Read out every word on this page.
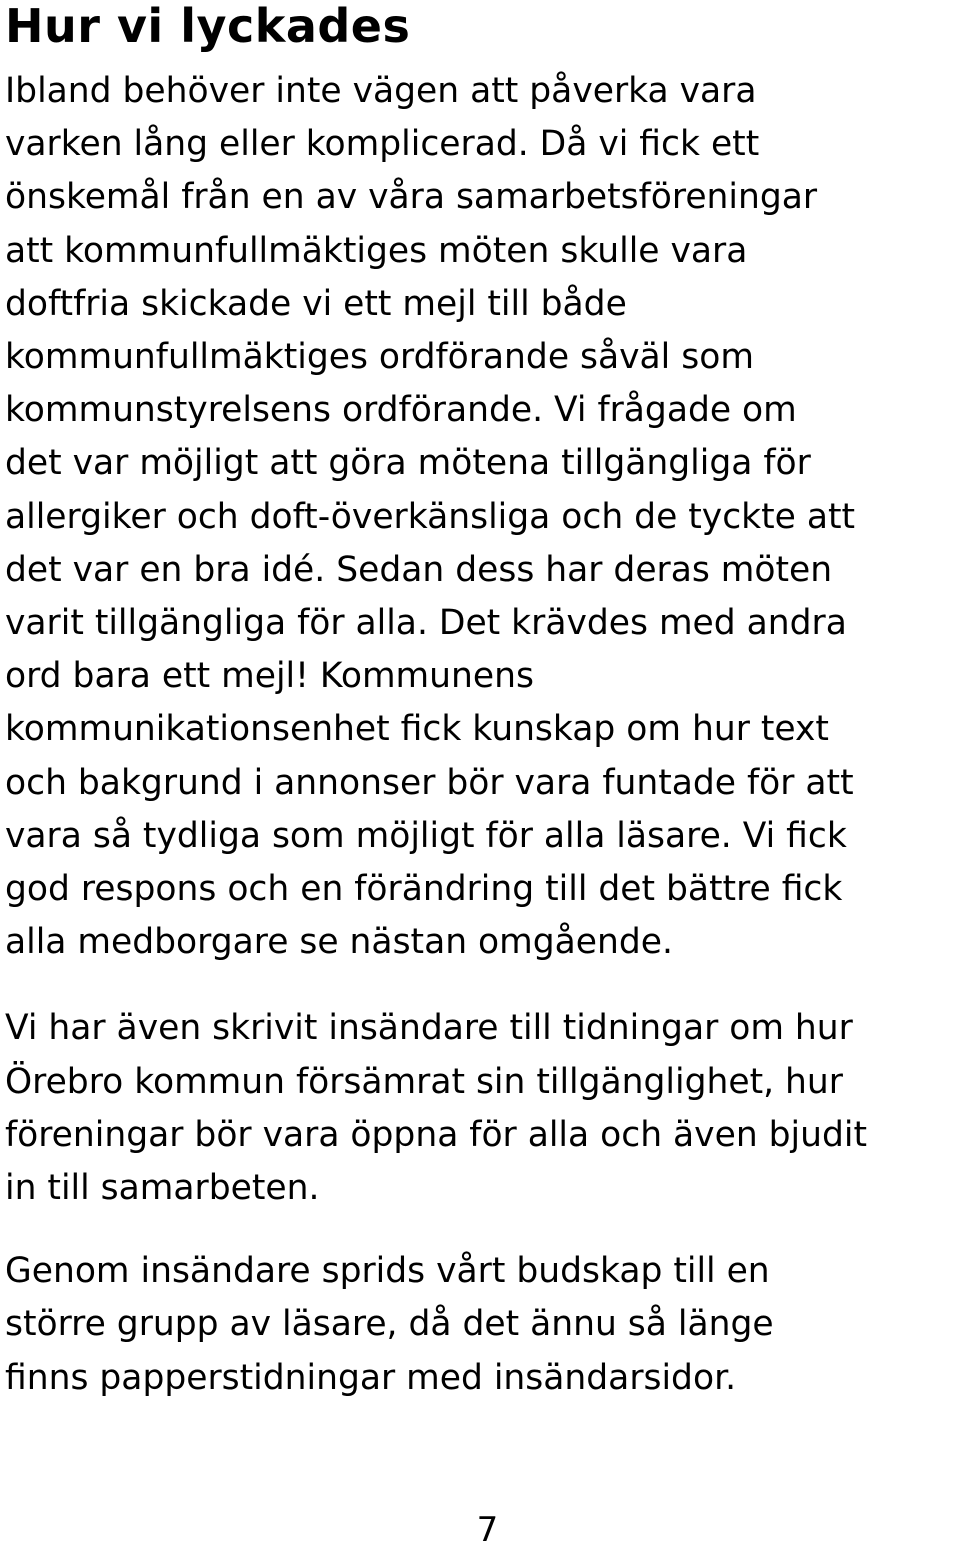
Hur vi lyckades

Ibland behöver inte vägen att påverka vara
varken lång eller komplicerad. Då vi fick ett
önskemål från en av våra samarbetsföreningar
att kommunfullmäktiges möten skulle vara
doftfria skickade vi ett mejl till både
kommunfullmäktiges ordförande såväl som
kommunstyrelsens ordförande. Vi frågade om
det var möjligt att göra mötena tillgängliga för
allergiker och doft-överkänsliga och de tyckte att
det var en bra idé. Sedan dess har deras möten
varit tillgängliga för alla. Det krävdes med andra
ord bara ett mejl! Kommunens
kommunikationsenhet fick kunskap om hur text
och bakgrund i annonser bör vara funtade för att
vara så tydliga som möjligt för alla läsare. Vi fick
god respons och en förändring till det bättre fick
alla medborgare se nästan omgående.

Vi har även skrivit insändare till tidningar om hur
Örebro kommun försämrat sin tillgänglighet, hur
föreningar bör vara öppna för alla och även bjudit
in till samarbeten.

Genom insändare sprids vårt budskap till en
större grupp av läsare, då det ännu så länge
finns papperstidningar med insändarsidor.

7
